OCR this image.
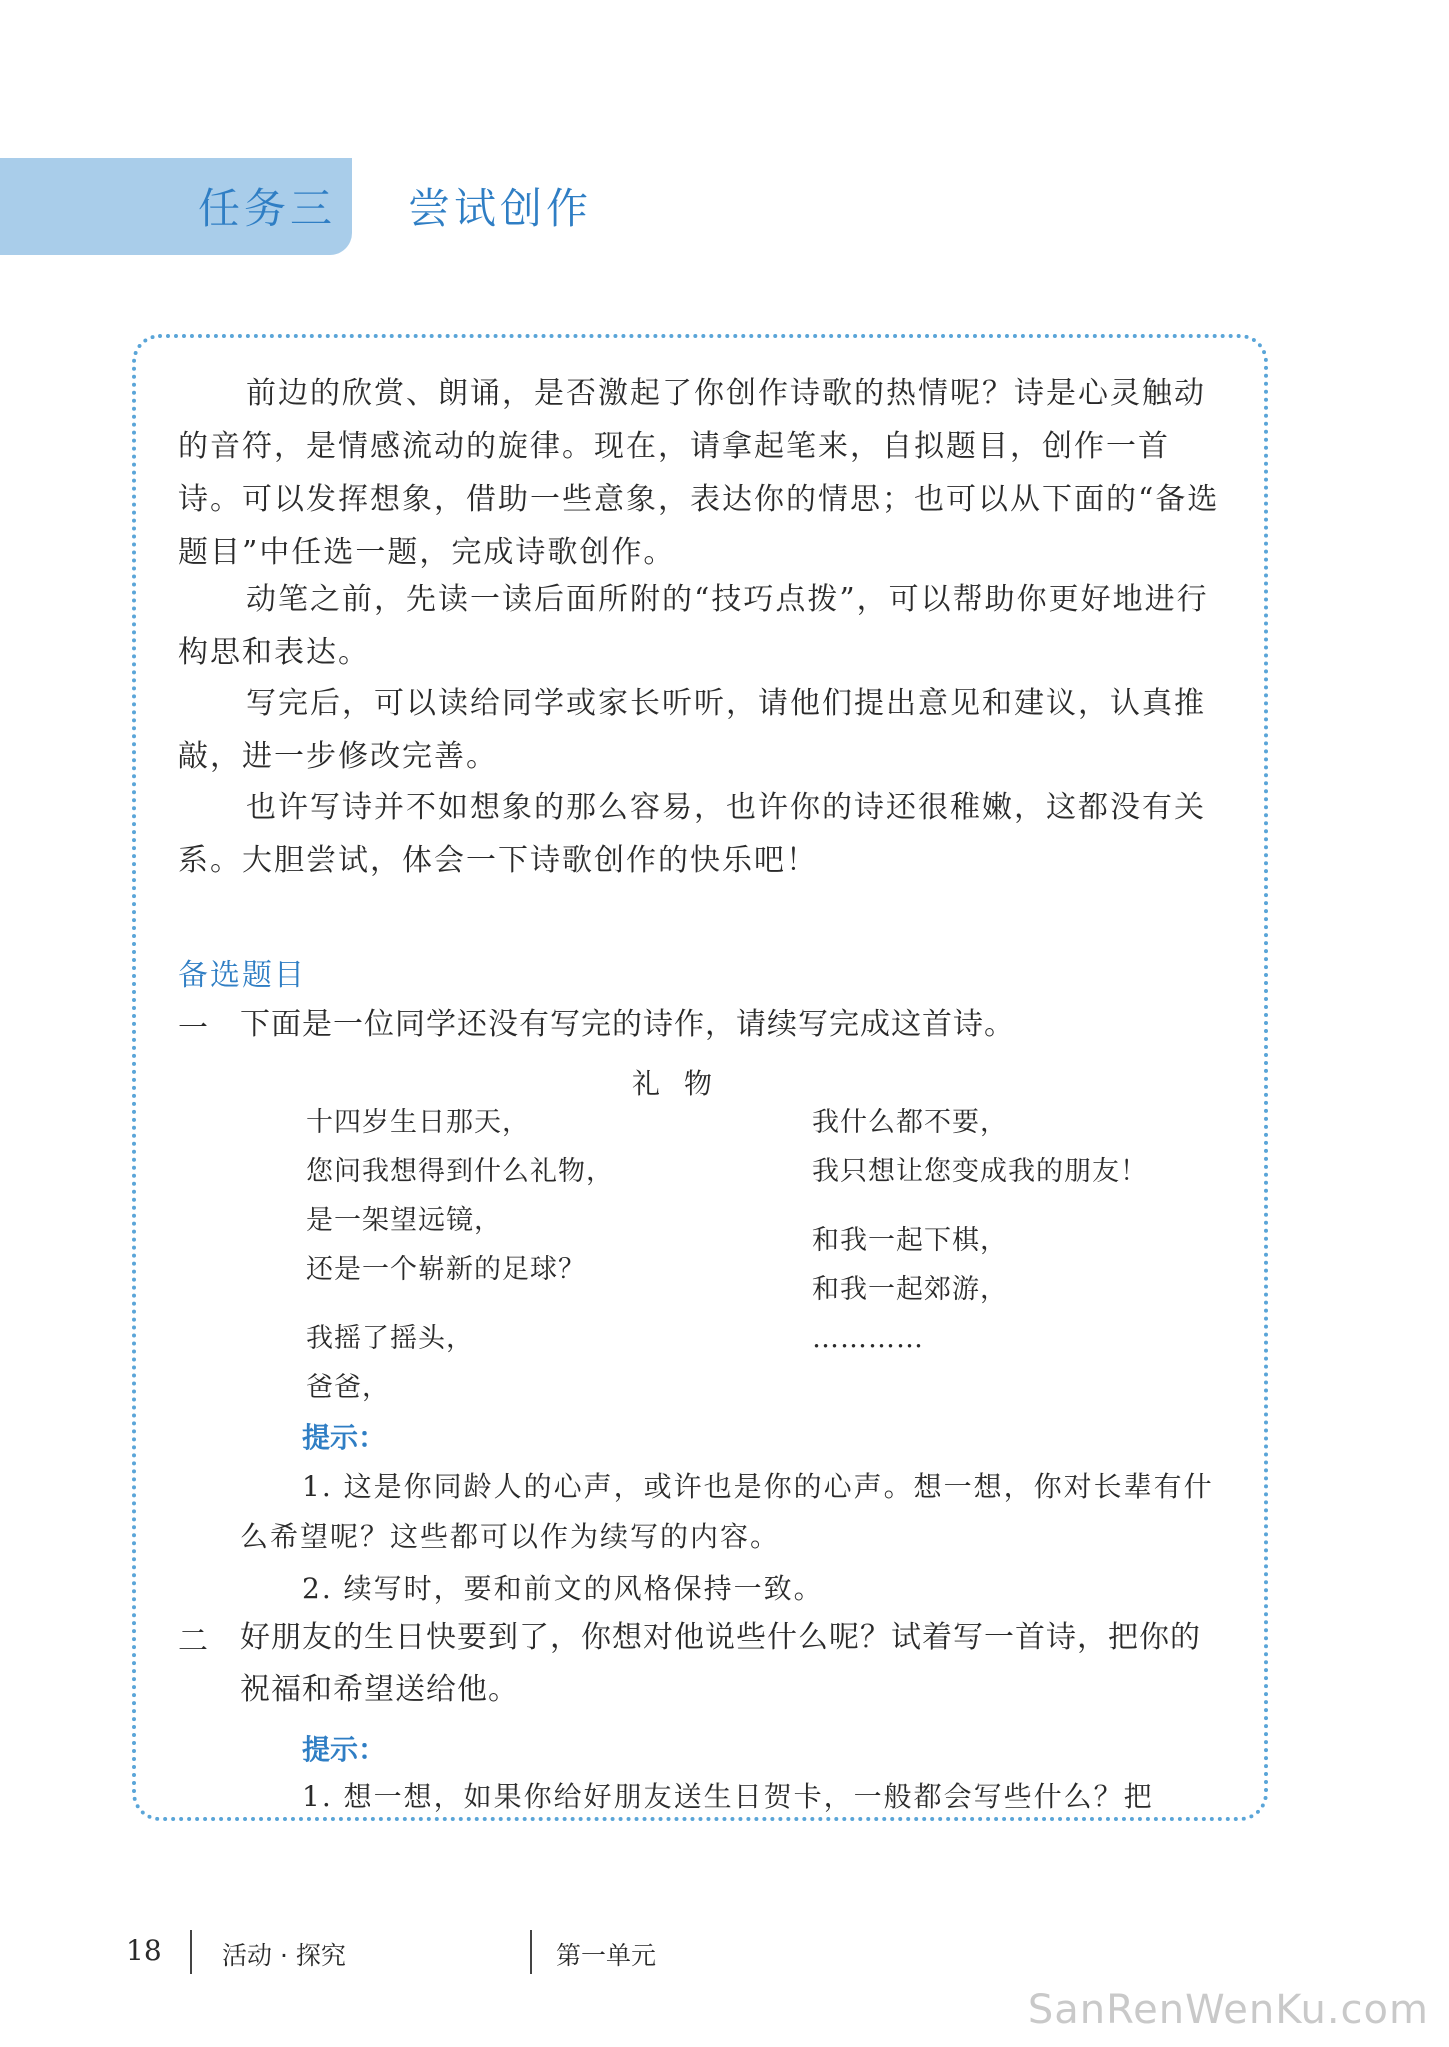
任务三 尝试创作

前边的欣赏、朗诵，是否激起了你创作诗歌的热情呢？诗是心灵触动的音符，是情感流动的旋律。现在，请拿起笔来，自拟题目，创作一首诗。可以发挥想象，借助一些意象，表达你的情思；也可以从下面的“备选题目”中任选一题，完成诗歌创作。

动笔之前，先读一读后面所附的“技巧点拨”，可以帮助你更好地进行构思和表达。

写完后，可以读给同学或家长听听，请他们提出意见和建议，认真推敲，进一步修改完善。

也许写诗并不如想象的那么容易，也许你的诗还很稚嫩，这都没有关系。大胆尝试，体会一下诗歌创作的快乐吧！

备选题目
一 下面是一位同学还没有写完的诗作，请续写完成这首诗。

礼物
十四岁生日那天，
您问我想得到什么礼物，
是一架望远镜，
还是一个崭新的足球？
我摇了摇头，
爸爸，
我什么都不要，
我只想让您变成我的朋友！
和我一起下棋，
和我一起郊游，
…………
提示：

1. 这是你同龄人的心声，或许也是你的心声。想一想，你对长辈有什么希望呢？这些都可以作为续写的内容。

2. 续写时，要和前文的风格保持一致。

二 好朋友的生日快要到了，你想对他说些什么呢？试着写一首诗，把你的祝福和希望送给他。

提示：

1. 想一想，如果你给好朋友送生日贺卡，一般都会写些什么？把

18 活动 · 探究	第一单元
SanRenWenKu.com
